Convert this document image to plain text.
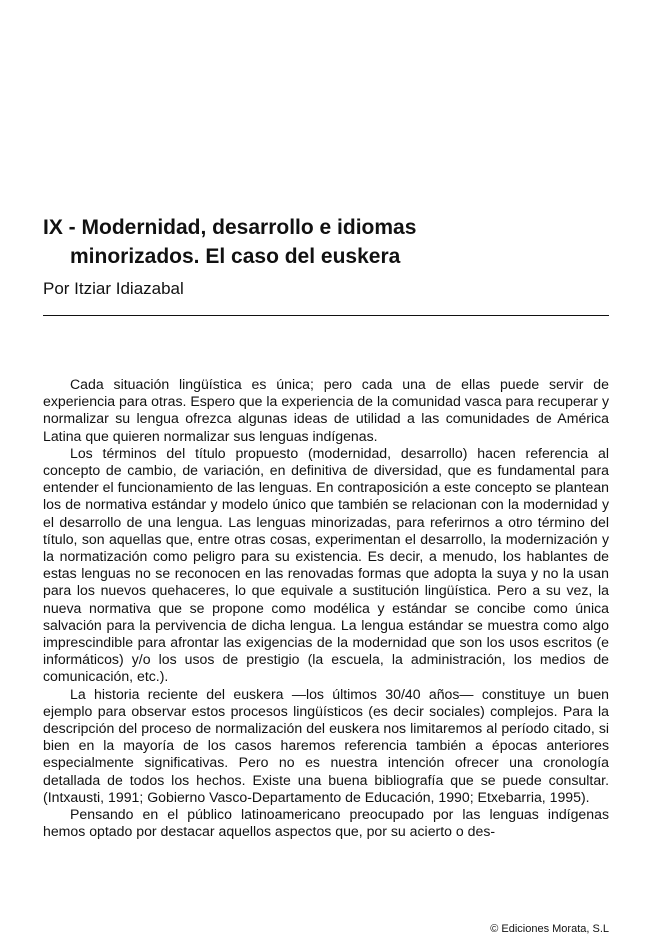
IX - Modernidad, desarrollo e idiomas
minorizados. El caso del euskera

Por Itziar Idiazabal

Cada situación lingüística es única; pero cada una de ellas puede servir de experiencia para otras. Espero que la experiencia de la comunidad vasca para recuperar y normalizar su lengua ofrezca algunas ideas de utilidad a las comunidades de América Latina que quieren normalizar sus lenguas indígenas.

Los términos del título propuesto (modernidad, desarrollo) hacen referencia al concepto de cambio, de variación, en definitiva de diversidad, que es fundamental para entender el funcionamiento de las lenguas. En contraposición a este concepto se plantean los de normativa estándar y modelo único que también se relacionan con la modernidad y el desarrollo de una lengua. Las lenguas minorizadas, para referirnos a otro término del título, son aquellas que, entre otras cosas, experimentan el desarrollo, la modernización y la normatización como peligro para su existencia. Es decir, a menudo, los hablantes de estas lenguas no se reconocen en las renovadas formas que adopta la suya y no la usan para los nuevos quehaceres, lo que equivale a sustitución lingüística. Pero a su vez, la nueva normativa que se propone como modélica y estándar se concibe como única salvación para la pervivencia de dicha lengua. La lengua estándar se muestra como algo imprescindible para afrontar las exigencias de la modernidad que son los usos escritos (e informáticos) y/o los usos de prestigio (la escuela, la administración, los medios de comunicación, etc.).

La historia reciente del euskera —los últimos 30/40 años— constituye un buen ejemplo para observar estos procesos lingüísticos (es decir sociales) complejos. Para la descripción del proceso de normalización del euskera nos limitaremos al período citado, si bien en la mayoría de los casos haremos referencia también a épocas anteriores especialmente significativas. Pero no es nuestra intención ofrecer una cronología detallada de todos los hechos. Existe una buena bibliografía que se puede consultar. (Intxausti, 1991; Gobierno Vasco-Departamento de Educación, 1990; Etxebarria, 1995).

Pensando en el público latinoamericano preocupado por las lenguas indígenas hemos optado por destacar aquellos aspectos que, por su acierto o des-

© Ediciones Morata, S.L
